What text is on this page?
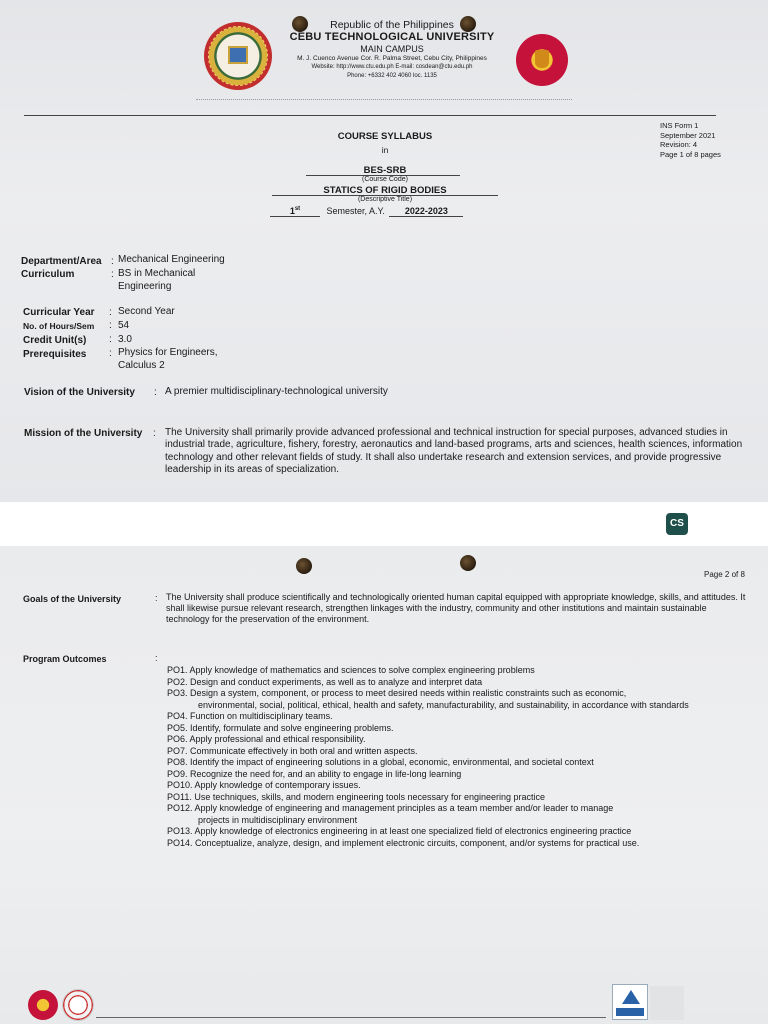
Republic of the Philippines
CEBU TECHNOLOGICAL UNIVERSITY
MAIN CAMPUS
M. J. Cuenco Avenue Cor. R. Palma Street, Cebu City, Philippines
Website: http://www.ctu.edu.ph E-mail: cosdean@ctu.edu.ph
Phone: +6332 402 4060 loc. 1135
INS Form 1
September 2021
Revision: 4
Page 1 of 8 pages
COURSE SYLLABUS
in
BES-SRB
(Course Code)
STATICS OF RIGID BODIES
(Descriptive Title)
1st	Semester, A.Y. 2022-2023
Department/Area : Mechanical Engineering
Curriculum	: BS in Mechanical Engineering
Curricular Year : Second Year
No. of Hours/Sem : 54
Credit Unit(s) : 3.0
Prerequisites : Physics for Engineers, Calculus 2
Vision of the University : A premier multidisciplinary-technological university
Mission of the University : The University shall primarily provide advanced professional and technical instruction for special purposes, advanced studies in industrial trade, agriculture, fishery, forestry, aeronautics and land-based programs, arts and sciences, health sciences, information technology and other relevant fields of study. It shall also undertake research and extension services, and provide progressive leadership in its areas of specialization.
CS
Page 2 of 8
Goals of the University	: The University shall produce scientifically and technologically oriented human capital equipped with appropriate knowledge, skills, and attitudes. It shall likewise pursue relevant research, strengthen linkages with the industry, community and other institutions and maintain sustainable technology for the preservation of the environment.
Program Outcomes	:
PO1. Apply knowledge of mathematics and sciences to solve complex engineering problems
PO2. Design and conduct experiments, as well as to analyze and interpret data
PO3. Design a system, component, or process to meet desired needs within realistic constraints such as economic,
environmental, social, political, ethical, health and safety, manufacturability, and sustainability, in accordance with standards
PO4. Function on multidisciplinary teams.
PO5. Identify, formulate and solve engineering problems.
PO6. Apply professional and ethical responsibility.
PO7. Communicate effectively in both oral and written aspects.
PO8. Identify the impact of engineering solutions in a global, economic, environmental, and societal context
PO9. Recognize the need for, and an ability to engage in life-long learning
PO10. Apply knowledge of contemporary issues.
PO11. Use techniques, skills, and modern engineering tools necessary for engineering practice
PO12. Apply knowledge of engineering and management principles as a team member and/or leader to manage
projects in multidisciplinary environment
PO13. Apply knowledge of electronics engineering in at least one specialized field of electronics engineering practice
PO14. Conceptualize, analyze, design, and implement electronic circuits, component, and/or systems for practical use.
